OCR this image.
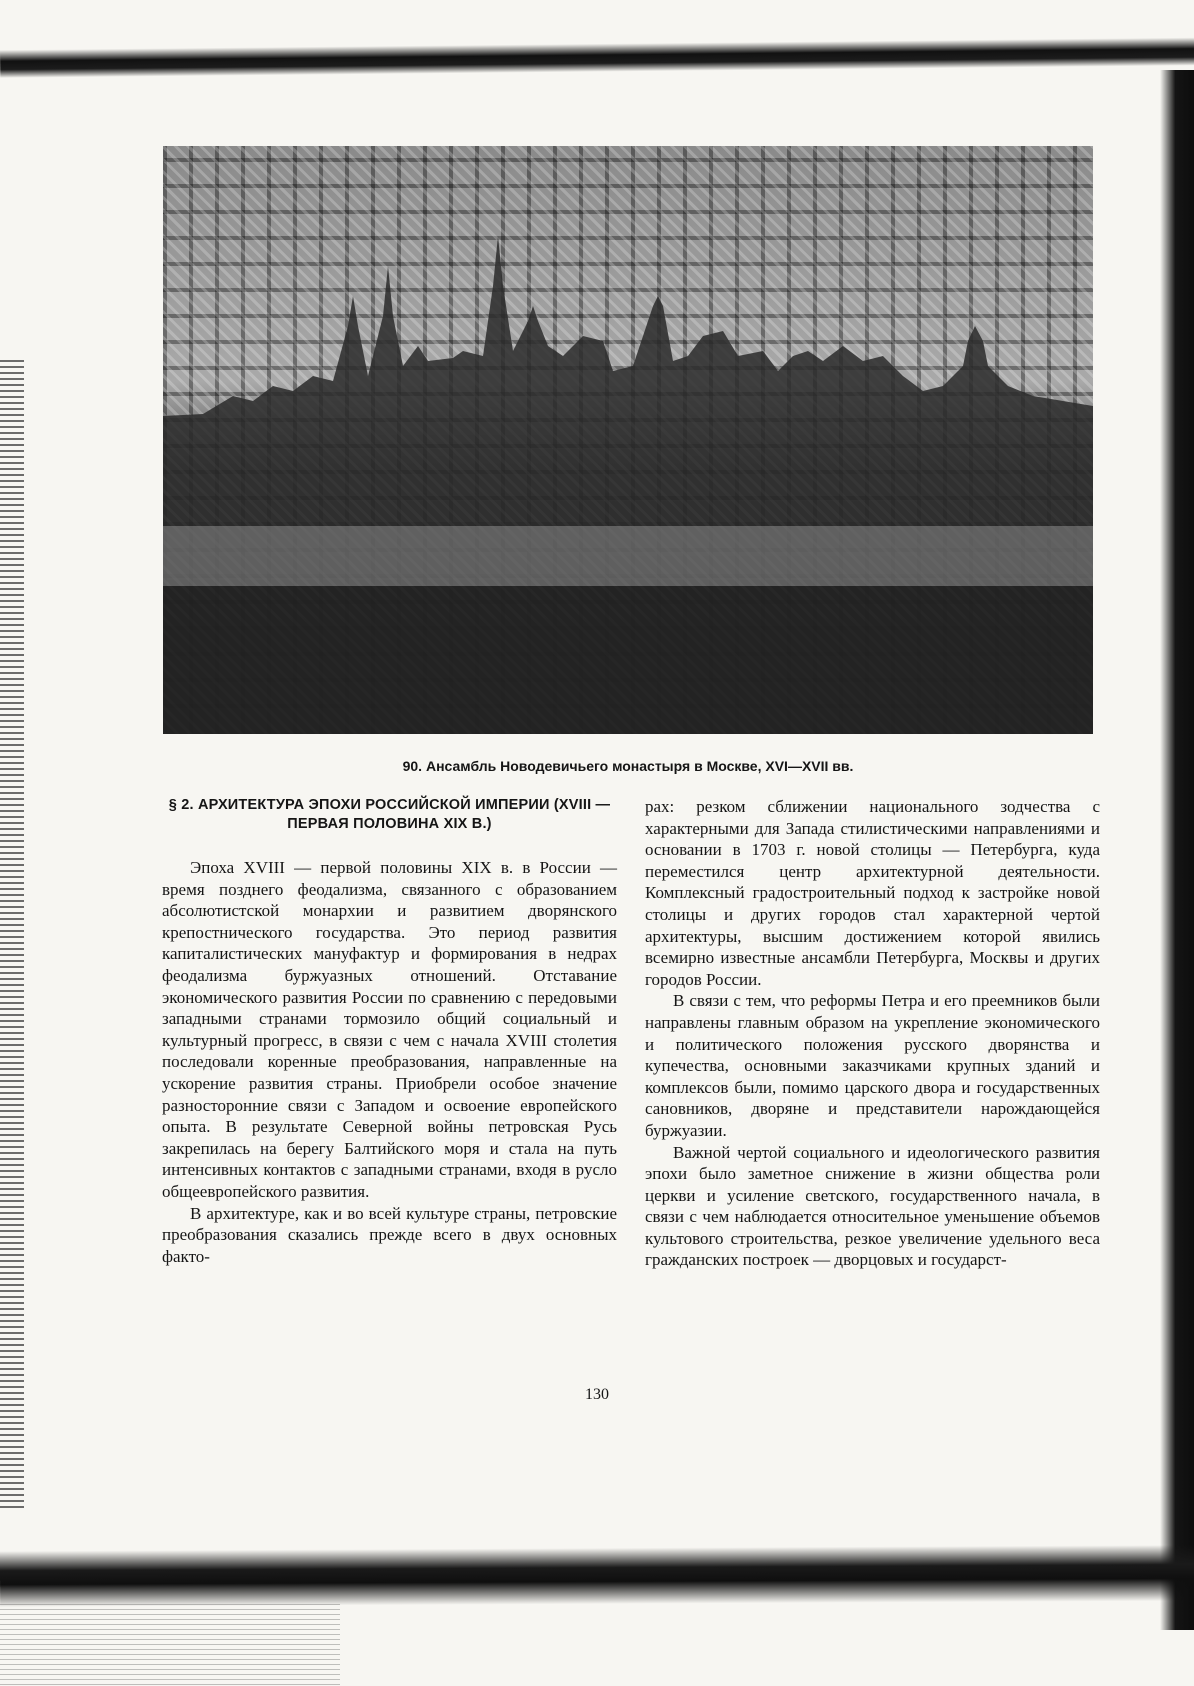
90. Ансамбль Новодевичьего монастыря в Москве, XVI—XVII вв.
§ 2. АРХИТЕКТУРА ЭПОХИ РОССИЙСКОЙ ИМПЕРИИ (XVIII — ПЕРВАЯ ПОЛОВИНА XIX В.)

Эпоха XVIII — первой половины XIX в. в России — время позднего феодализма, связанного с образованием абсолютистской монархии и развитием дворянского крепостнического государства. Это период развития капиталистических мануфактур и формирования в недрах феодализма буржуазных отношений. Отставание экономического развития России по сравнению с передовыми западными странами тормозило общий социальный и культурный прогресс, в связи с чем с начала XVIII столетия последовали коренные преобразования, направленные на ускорение развития страны. Приобрели особое значение разносторонние связи с Западом и освоение европейского опыта. В результате Северной войны петровская Русь закрепилась на берегу Балтийского моря и стала на путь интенсивных контактов с западными странами, входя в русло общеевропейского развития.

В архитектуре, как и во всей культуре страны, петровские преобразования сказались прежде всего в двух основных факто-

рах: резком сближении национального зодчества с характерными для Запада стилистическими направлениями и основании в 1703 г. новой столицы — Петербурга, куда переместился центр архитектурной деятельности. Комплексный градостроительный подход к застройке новой столицы и других городов стал характерной чертой архитектуры, высшим достижением которой явились всемирно известные ансамбли Петербурга, Москвы и других городов России.

В связи с тем, что реформы Петра и его преемников были направлены главным образом на укрепление экономического и политического положения русского дворянства и купечества, основными заказчиками крупных зданий и комплексов были, помимо царского двора и государственных сановников, дворяне и представители нарождающейся буржуазии.

Важной чертой социального и идеологического развития эпохи было заметное снижение в жизни общества роли церкви и усиление светского, государственного начала, в связи с чем наблюдается относительное уменьшение объемов культового строительства, резкое увеличение удельного веса гражданских построек — дворцовых и государст-

130
